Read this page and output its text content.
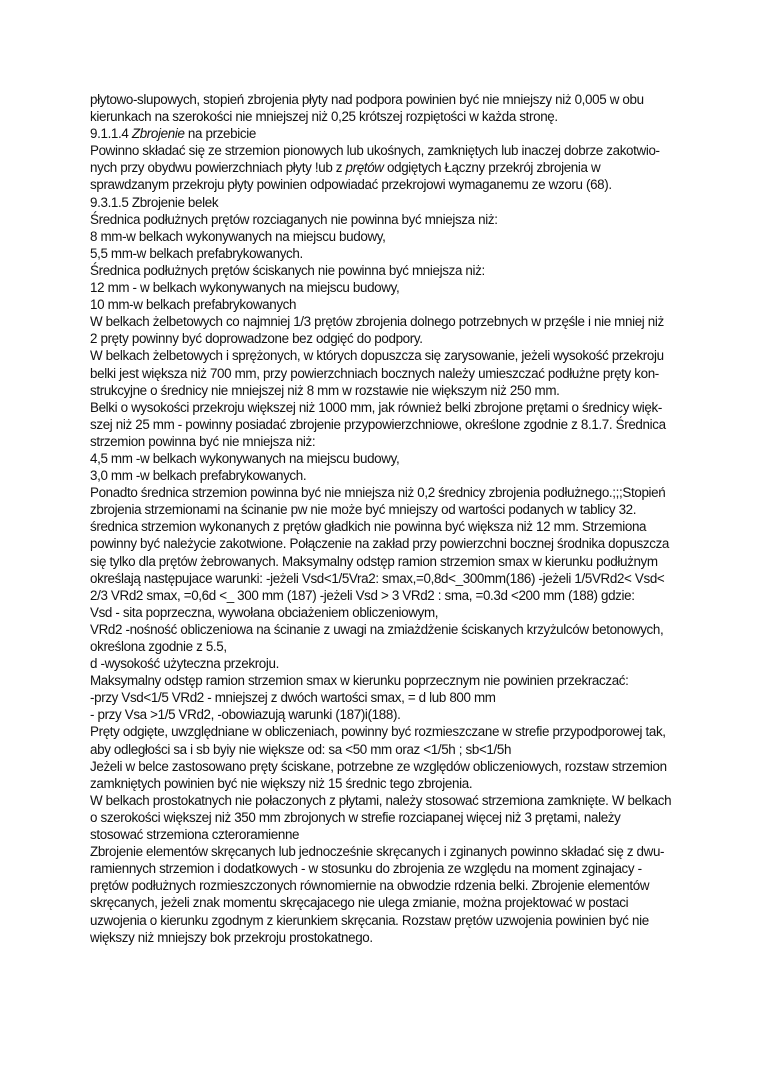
płytowo-slupowych, stopień zbrojenia płyty nad podpora powinien być nie mniejszy niż 0,005 w obu
kierunkach na szerokości nie mniejszej niż 0,25 krótszej rozpiętości w każda stronę.
9.1.1.4 Zbrojenie na przebicie
Powinno składać się ze strzemion pionowych lub ukośnych, zamkniętych lub inaczej dobrze zakotwio-
nych przy obydwu powierzchniach płyty !ub z prętów odgiętych Łączny przekrój zbrojenia w
sprawdzanym przekroju płyty powinien odpowiadać przekrojowi wymaganemu ze wzoru (68).
9.3.1.5 Zbrojenie belek
Średnica podłużnych prętów rozciaganych nie powinna być mniejsza niż:
8 mm-w belkach wykonywanych na miejscu budowy,
5,5 mm-w belkach prefabrykowanych.
Średnica podłużnych prętów ściskanych nie powinna być mniejsza niż:
12 mm - w belkach wykonywanych na miejscu budowy,
10 mm-w belkach prefabrykowanych
W belkach żelbetowych co najmniej 1/3 prętów zbrojenia dolnego potrzebnych w przęśle i nie mniej niż
2 pręty powinny być doprowadzone bez odgięć do podpory.
W belkach żelbetowych i sprężonych, w których dopuszcza się zarysowanie, jeżeli wysokość przekroju
belki jest większa niż 700 mm, przy powierzchniach bocznych należy umieszczać podłużne pręty kon-
strukcyjne o średnicy nie mniejszej niż 8 mm w rozstawie nie większym niż 250 mm.
Belki o wysokości przekroju większej niż 1000 mm, jak również belki zbrojone prętami o średnicy więk-
szej niż 25 mm - powinny posiadać zbrojenie przypowierzchniowe, określone zgodnie z 8.1.7. Średnica
strzemion powinna być nie mniejsza niż:
4,5 mm -w belkach wykonywanych na miejscu budowy,
3,0 mm -w belkach prefabrykowanych.
Ponadto średnica strzemion powinna być nie mniejsza niż 0,2 średnicy zbrojenia podłużnego.;;;Stopień
zbrojenia strzemionami na ścinanie pw nie może być mniejszy od wartości podanych w tablicy 32.
średnica strzemion wykonanych z prętów gładkich nie powinna być większa niż 12 mm. Strzemiona
powinny być należycie zakotwione. Połączenie na zakład przy powierzchni bocznej środnika dopuszcza
się tylko dla prętów żebrowanych. Maksymalny odstęp ramion strzemion smax w kierunku podłużnym
określają następujace warunki: -jeżeli Vsd<1/5Vra2: smax,=0,8d<_300mm(186) -jeżeli 1/5VRd2< Vsd<
2/3 VRd2 smax, =0,6d <_ 300 mm (187) -jeżeli Vsd > 3 VRd2 : sma, =0.3d <200 mm (188) gdzie:
Vsd - sita poprzeczna, wywołana obciażeniem obliczeniowym,
VRd2 -nośność obliczeniowa na ścinanie z uwagi na zmiażdżenie ściskanych krzyżulców betonowych,
określona zgodnie z 5.5,
d -wysokość użyteczna przekroju.
Maksymalny odstęp ramion strzemion smax w kierunku poprzecznym nie powinien przekraczać:
-przy Vsd<1/5 VRd2 - mniejszej z dwóch wartości smax, = d lub 800 mm
- przy Vsa >1/5 VRd2, -obowiazują warunki (187)i(188).
Pręty odgięte, uwzględniane w obliczeniach, powinny być rozmieszczane w strefie przypodporowej tak,
aby odległości sa i sb byiy nie większe od: sa <50 mm oraz <1/5h ; sb<1/5h
Jeżeli w belce zastosowano pręty ściskane, potrzebne ze względów obliczeniowych, rozstaw strzemion
zamkniętych powinien być nie większy niż 15 średnic tego zbrojenia.
W belkach prostokatnych nie połaczonych z płytami, należy stosować strzemiona zamknięte. W belkach
o szerokości większej niż 350 mm zbrojonych w strefie rozciapanej więcej niż 3 prętami, należy
stosować strzemiona czteroramienne
Zbrojenie elementów skręcanych lub jednocześnie skręcanych i zginanych powinno składać się z dwu-
ramiennych strzemion i dodatkowych - w stosunku do zbrojenia ze względu na moment zginajacy -
prętów podłużnych rozmieszczonych równomiernie na obwodzie rdzenia belki. Zbrojenie elementów
skręcanych, jeżeli znak momentu skręcajacego nie ulega zmianie, można projektować w postaci
uzwojenia o kierunku zgodnym z kierunkiem skręcania. Rozstaw prętów uzwojenia powinien być nie
większy niż mniejszy bok przekroju prostokatnego.
